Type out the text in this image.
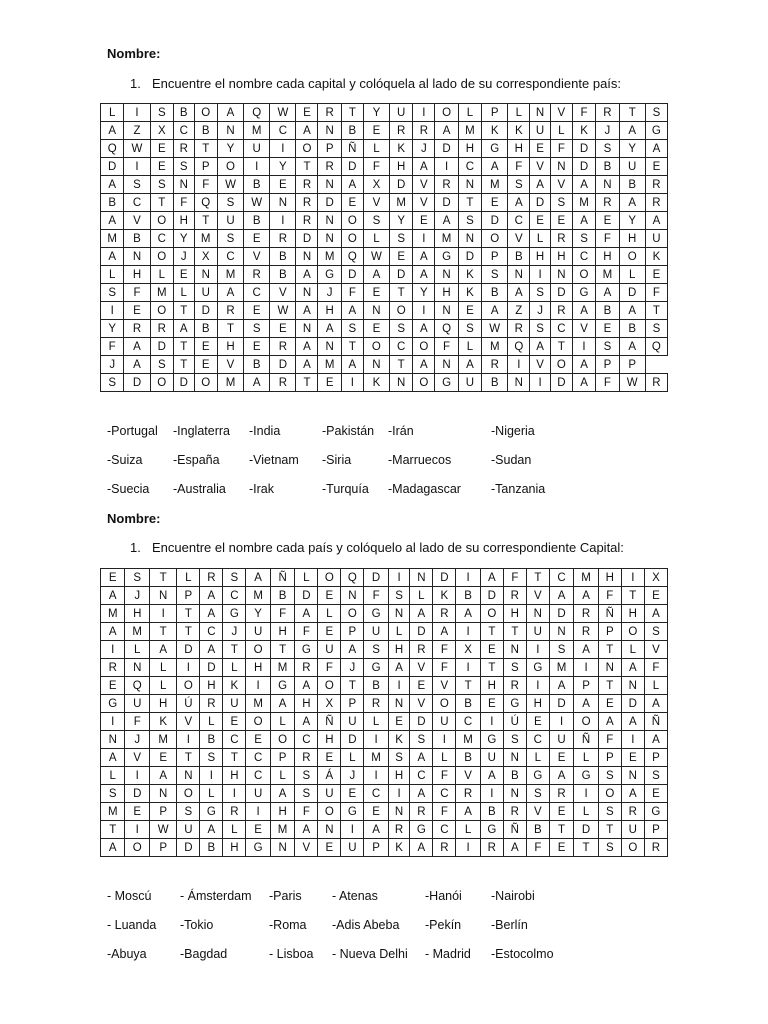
Nombre:
1. Encuentre el nombre cada capital y colóquela al lado de su correspondiente país:
L	I	S	B	O	A	Q	W	E	R	T	Y	U	I	O	L	P	L	N	V	F	R	T	S
A	Z	X	C	B	N	M	C	A	N	B	E	R	R	A	M	K	K	U	L	K	J	A	G
Q	W	E	R	T	Y	U	I	O	P	Ñ	L	K	J	D	H	G	H	E	F	D	S	Y	A
D	I	E	S	P	O	I	Y	T	R	D	F	H	A	I	C	A	F	V	N	D	B	U	E
A	S	S	N	F	W	B	E	R	N	A	X	D	V	R	N	M	S	A	V	A	N	B	R
B	C	T	F	Q	S	W	N	R	D	E	V	M	V	D	T	E	A	D	S	M	R	A	R
A	V	O	H	T	U	B	I	R	N	O	S	Y	E	A	S	D	C	E	E	A	E	Y	A
M	B	C	Y	M	S	E	R	D	N	O	L	S	I	M	N	O	V	L	R	S	F	H	U
A	N	O	J	X	C	V	B	N	M	Q	W	E	A	G	D	P	B	H	H	C	H	O	K
L	H	L	E	N	M	R	B	A	G	D	A	D	A	N	K	S	N	I	N	O	M	L	E
S	F	M	L	U	A	C	V	N	J	F	E	T	Y	H	K	B	A	S	D	G	A	D	F
I	E	O	T	D	R	E	W	A	H	A	N	O	I	N	E	A	Z	J	R	A	B	A	T
Y	R	R	A	B	T	S	E	N	A	S	E	S	A	Q	S	W	R	S	C	V	E	B	S
F	A	D	T	E	H	E	R	A	N	T	O	C	O	F	L	M	Q	A	T	I	S	A	Q
J	A	S	T	E	V	B	D	A	M	A	N	T	A	N	A	R	I	V	O	A	P	P	
S	D	O	D	O	M	A	R	T	E	I	K	N	O	G	U	B	N	I	D	A	F	W	R
-Portugal -Inglaterra -India	-Pakistán -Irán	-Nigeria
-Suiza -España -Vietnam -Siria	-Marruecos	-Sudan
-Suecia -Australia -Irak	-Turquía -Madagascar -Tanzania
Nombre:
1. Encuentre el nombre cada país y colóquelo al lado de su correspondiente Capital:
E	S	T	L	R	S	A	Ñ	L	O	Q	D	I	N	D	I	A	F	T	C	M	H	I	X
A	J	N	P	A	C	M	B	D	E	N	F	S	L	K	B	D	R	V	A	A	F	T	E
M	H	I	T	A	G	Y	F	A	L	O	G	N	A	R	A	O	H	N	D	R	Ñ	H	A
A	M	T	T	C	J	U	H	F	E	P	U	L	D	A	I	T	T	U	N	R	P	O	S
I	L	A	D	A	T	O	T	G	U	A	S	H	R	F	X	E	N	I	S	A	T	L	V
R	N	L	I	D	L	H	M	R	F	J	G	A	V	F	I	T	S	G	M	I	N	A	F
E	Q	L	O	H	K	I	G	A	O	T	B	I	E	V	T	H	R	I	A	P	T	N	L
G	U	H	Ú	R	U	M	A	H	X	P	R	N	V	O	B	E	G	H	D	A	E	D	A
I	F	K	V	L	E	O	L	A	Ñ	U	L	E	D	U	C	I	Ú	E	I	O	A	A	Ñ
N	J	M	I	B	C	E	O	C	H	D	I	K	S	I	M	G	S	C	U	Ñ	F	I	A
A	V	E	T	S	T	C	P	R	E	L	M	S	A	L	B	U	N	L	E	L	P	E	P
L	I	A	N	I	H	C	L	S	Á	J	I	H	C	F	V	A	B	G	A	G	S	N	S
S	D	N	O	L	I	U	A	S	U	E	C	I	A	C	R	I	N	S	R	I	O	A	E
M	E	P	S	G	R	I	H	F	O	G	E	N	R	F	A	B	R	V	E	L	S	R	G
T	I	W	U	A	L	E	M	A	N	I	A	R	G	C	L	G	Ñ	B	T	D	T	U	P
A	O	P	D	B	H	G	N	V	E	U	P	K	A	R	I	R	A	F	E	T	S	O	R
- Moscú - Ámsterdam -Paris - Atenas	-Hanói -Nairobi
- Luanda -Tokio	-Roma -Adis Abeba -Pekín -Berlín
-Abuya	-Bagdad	- Lisboa - Nueva Delhi - Madrid -Estocolmo
